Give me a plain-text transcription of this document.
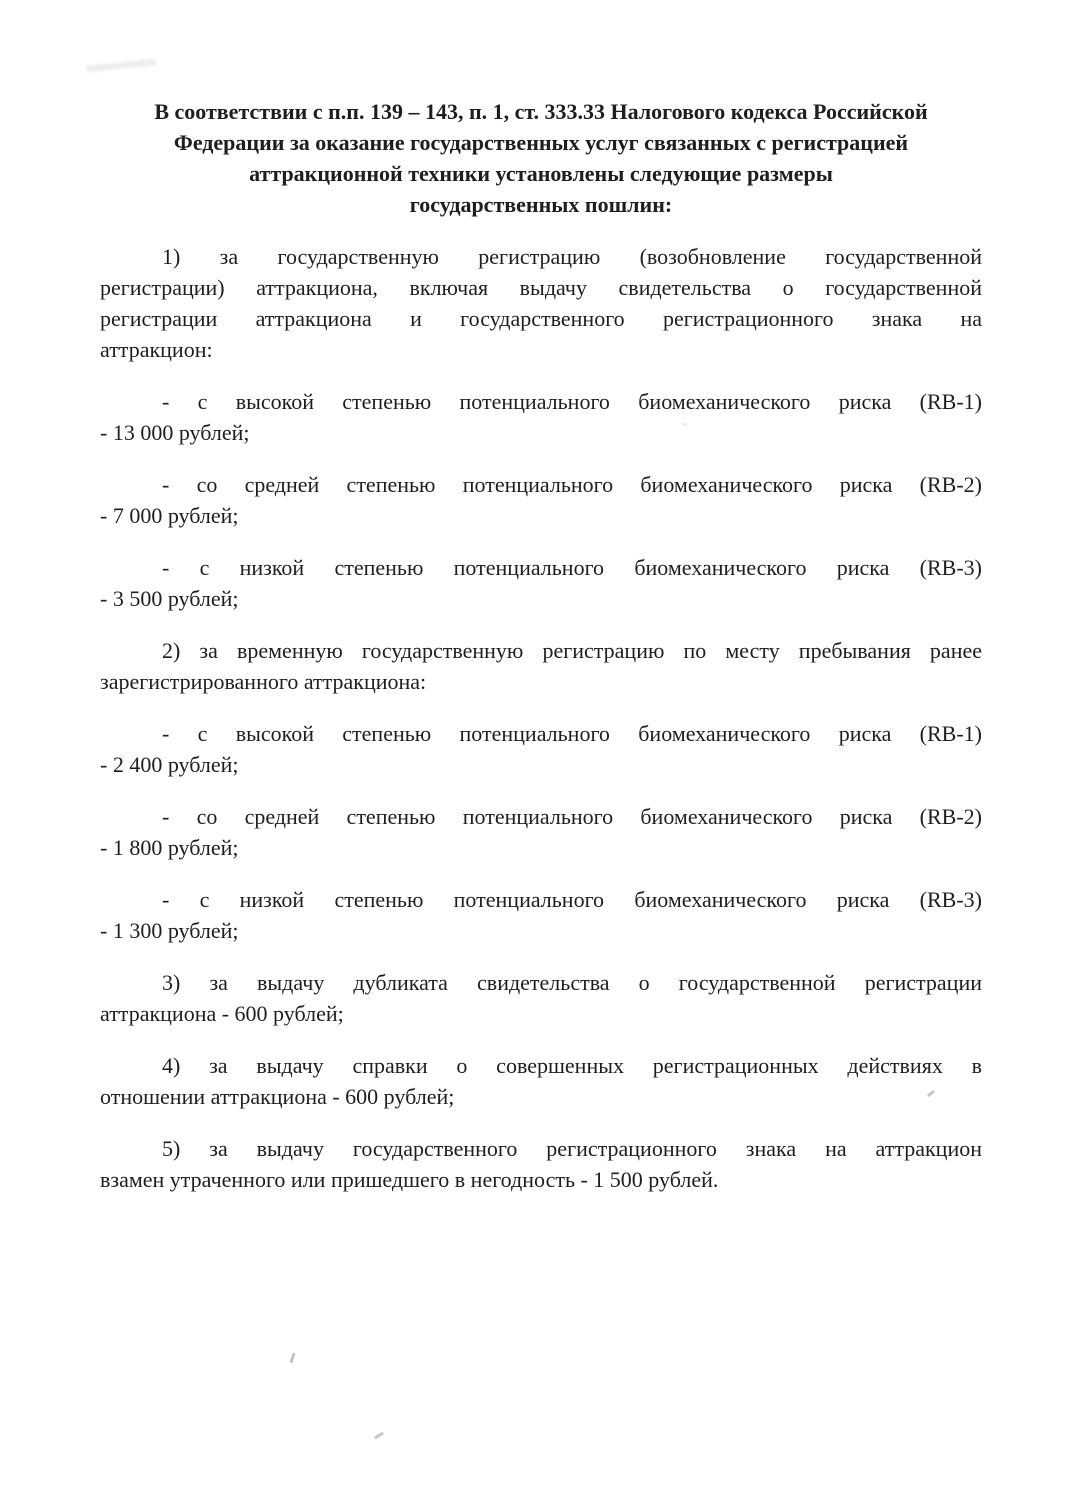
В соответствии с п.п. 139 – 143, п. 1, ст. 333.33 Налогового кодекса Российской
Федерации за оказание государственных услуг связанных с регистрацией
аттракционной техники установлены следующие размеры
государственных пошлин:

1) за государственную регистрацию (возобновление государственной
регистрации) аттракциона, включая выдачу свидетельства о государственной
регистрации аттракциона и государственного регистрационного знака на
аттракцион:

- с высокой степенью потенциального биомеханического риска (RB-1)
- 13 000 рублей;

- со средней степенью потенциального биомеханического риска (RB-2)
- 7 000 рублей;

- с низкой степенью потенциального биомеханического риска (RB-3)
- 3 500 рублей;

2) за временную государственную регистрацию по месту пребывания ранее
зарегистрированного аттракциона:

- с высокой степенью потенциального биомеханического риска (RB-1)
- 2 400 рублей;

- со средней степенью потенциального биомеханического риска (RB-2)
- 1 800 рублей;

- с низкой степенью потенциального биомеханического риска (RB-3)
- 1 300 рублей;

3) за выдачу дубликата свидетельства о государственной регистрации
аттракциона - 600 рублей;

4) за выдачу справки о совершенных регистрационных действиях в
отношении аттракциона - 600 рублей;

5) за выдачу государственного регистрационного знака на аттракцион
взамен утраченного или пришедшего в негодность - 1 500 рублей.
